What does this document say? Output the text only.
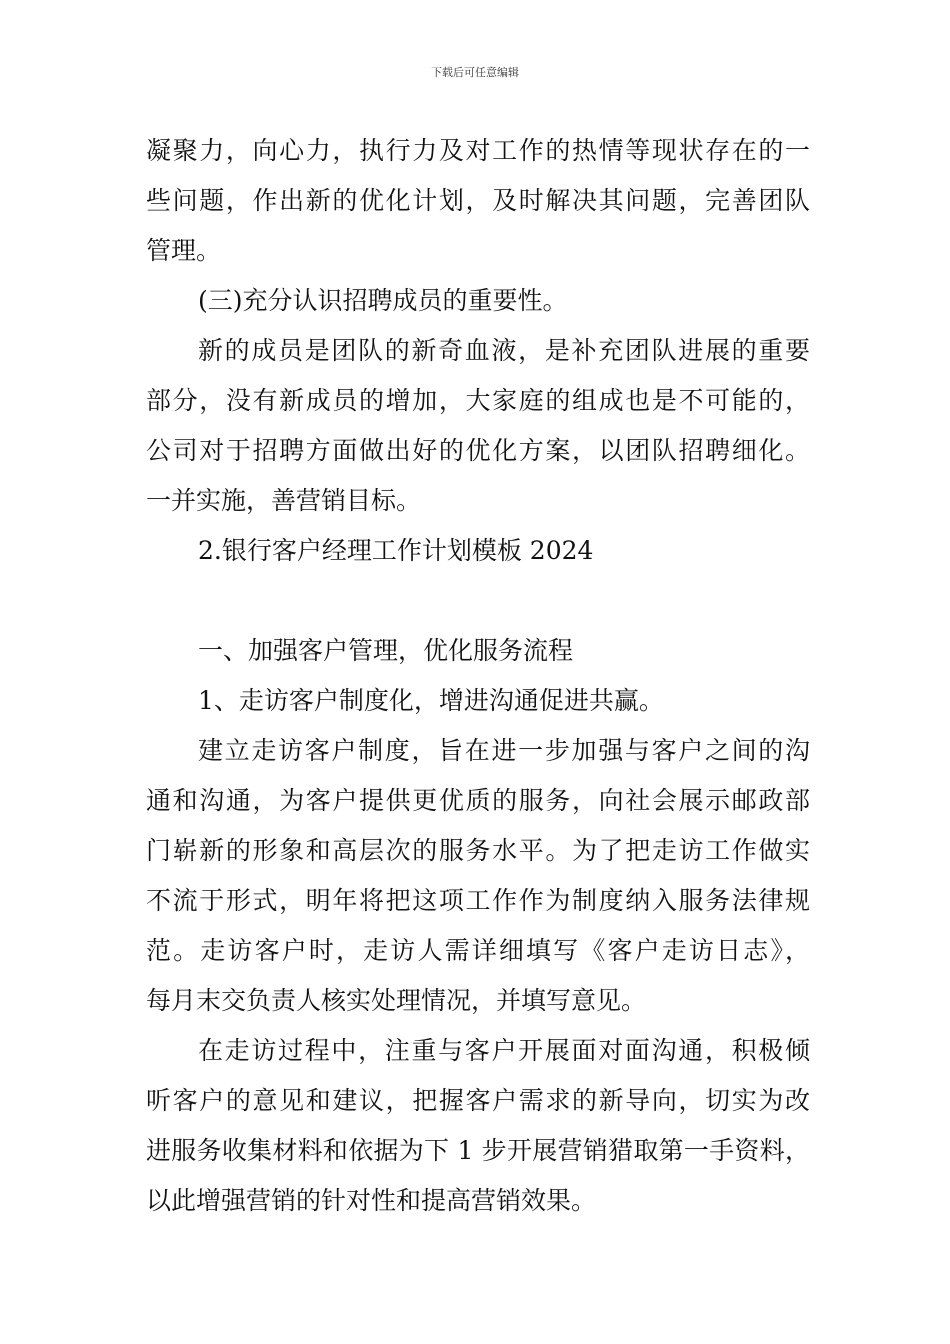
下载后可任意编辑
凝聚力，向心力，执行力及对工作的热情等现状存在的一
些问题，作出新的优化计划，及时解决其问题，完善团队
管理。
(三)充分认识招聘成员的重要性。
新的成员是团队的新奇血液，是补充团队进展的重要
部分，没有新成员的增加，大家庭的组成也是不可能的，
公司对于招聘方面做出好的优化方案，以团队招聘细化。
一并实施，善营销目标。
2.银行客户经理工作计划模板 2024

一、加强客户管理，优化服务流程
1、走访客户制度化，增进沟通促进共赢。
建立走访客户制度，旨在进一步加强与客户之间的沟
通和沟通，为客户提供更优质的服务，向社会展示邮政部
门崭新的形象和高层次的服务水平。为了把走访工作做实
不流于形式，明年将把这项工作作为制度纳入服务法律规
范。走访客户时，走访人需详细填写《客户走访日志》，
每月末交负责人核实处理情况，并填写意见。
在走访过程中，注重与客户开展面对面沟通，积极倾
听客户的意见和建议，把握客户需求的新导向，切实为改
进服务收集材料和依据为下 1 步开展营销猎取第一手资料，
以此增强营销的针对性和提高营销效果。
